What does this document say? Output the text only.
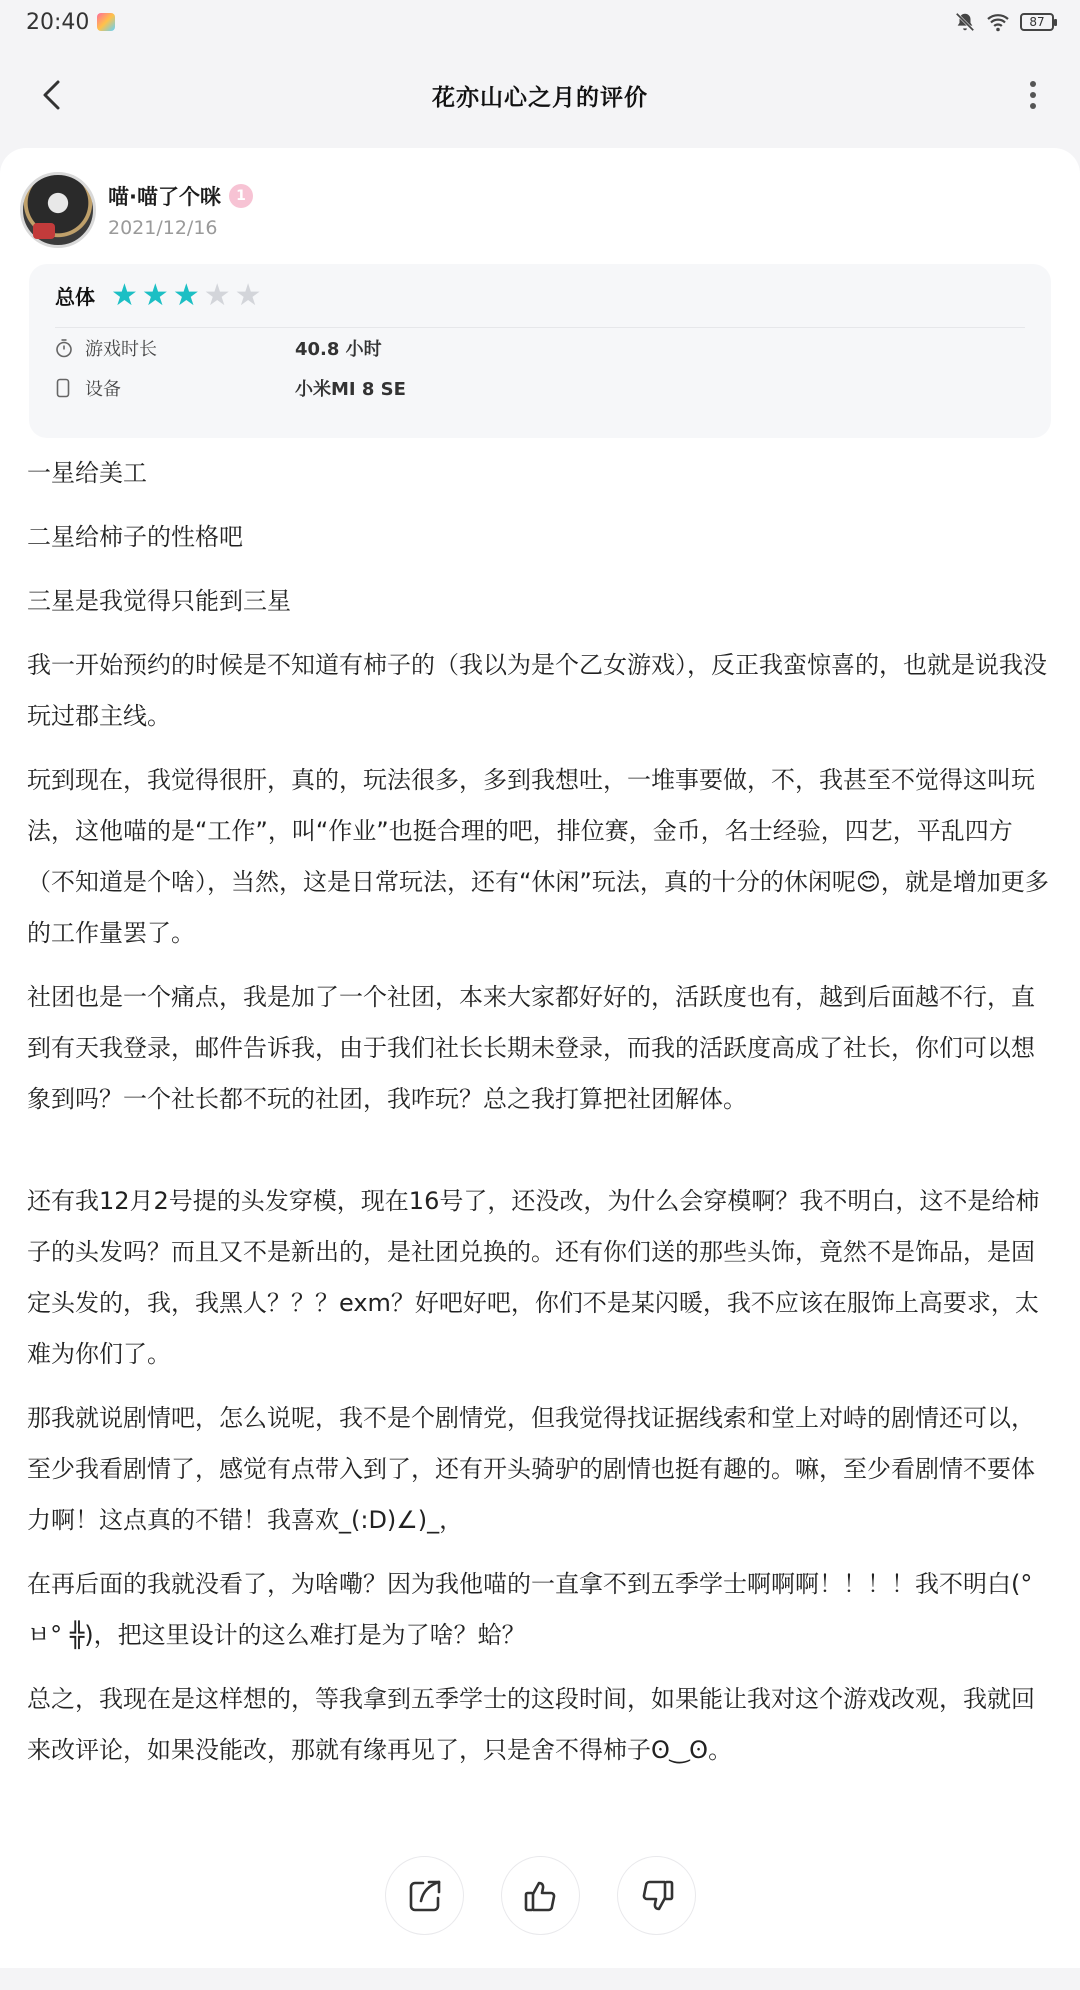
20:40	87
花亦山心之月的评价
喵·喵了个咪	1
2021/12/16
总体 ★ ★ ★ ★ ★
游戏时长	40.8 小时
设备	小米MI 8 SE

一星给美工

二星给柿子的性格吧

三星是我觉得只能到三星

我一开始预约的时候是不知道有柿子的（我以为是个乙女游戏），反正我蛮惊喜的，也就是说我没玩过郡主线。

玩到现在，我觉得很肝，真的，玩法很多，多到我想吐，一堆事要做，不，我甚至不觉得这叫玩法，这他喵的是“工作”，叫“作业”也挺合理的吧，排位赛，金币，名士经验，四艺，平乱四方（不知道是个啥），当然，这是日常玩法，还有“休闲”玩法，真的十分的休闲呢😊，就是增加更多的工作量罢了。

社团也是一个痛点，我是加了一个社团，本来大家都好好的，活跃度也有，越到后面越不行，直到有天我登录，邮件告诉我，由于我们社长长期未登录，而我的活跃度高成了社长，你们可以想象到吗？一个社长都不玩的社团，我咋玩？总之我打算把社团解体。

还有我12月2号提的头发穿模，现在16号了，还没改，为什么会穿模啊？我不明白，这不是给柿子的头发吗？而且又不是新出的，是社团兑换的。还有你们送的那些头饰，竟然不是饰品，是固定头发的，我，我黑人？？？exm？好吧好吧，你们不是某闪暖，我不应该在服饰上高要求，太难为你们了。

那我就说剧情吧，怎么说呢，我不是个剧情党，但我觉得找证据线索和堂上对峙的剧情还可以，至少我看剧情了，感觉有点带入到了，还有开头骑驴的剧情也挺有趣的。嘛，至少看剧情不要体力啊！这点真的不错！我喜欢_(:D)∠)_，

在再后面的我就没看了，为啥嘞？因为我他喵的一直拿不到五季学士啊啊啊！！！！我不明白(°ㅂ° ╬)，把这里设计的这么难打是为了啥？蛤？

总之，我现在是这样想的，等我拿到五季学士的这段时间，如果能让我对这个游戏改观，我就回来改评论，如果没能改，那就有缘再见了，只是舍不得柿子ʘ‿ʘ。
